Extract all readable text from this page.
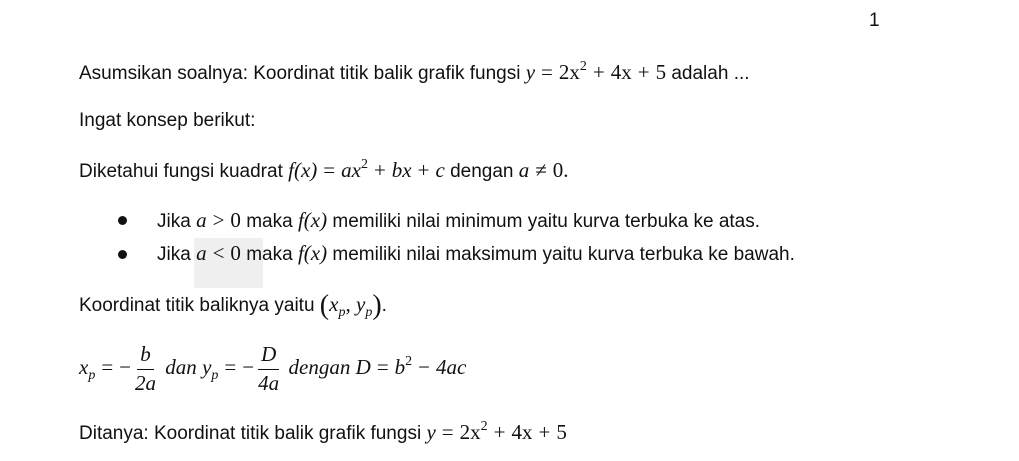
1
Asumsikan soalnya: Koordinat titik balik grafik fungsi $y = 2x^2 + 4x + 5$ adalah ...
Ingat konsep berikut:
Diketahui fungsi kuadrat $f(x) = ax^2$ + bx + c dengan a ≠ 0.
Jika a > 0 maka f(x) memiliki nilai minimum yaitu kurva terbuka ke atas.
Jika a < 0 maka f(x) memiliki nilai maksimum yaitu kurva terbuka ke bawah.
Koordinat titik baliknya yaitu ($x_p$, $y_p$).
$x_p$ = − $\frac{b}{2a}$ dan $y_p$ = − $\frac{D}{4a}$ dengan $D = b^2 - 4ac$
Ditanya: Koordinat titik balik grafik fungsi $y = 2x^2 + 4x + 5$
